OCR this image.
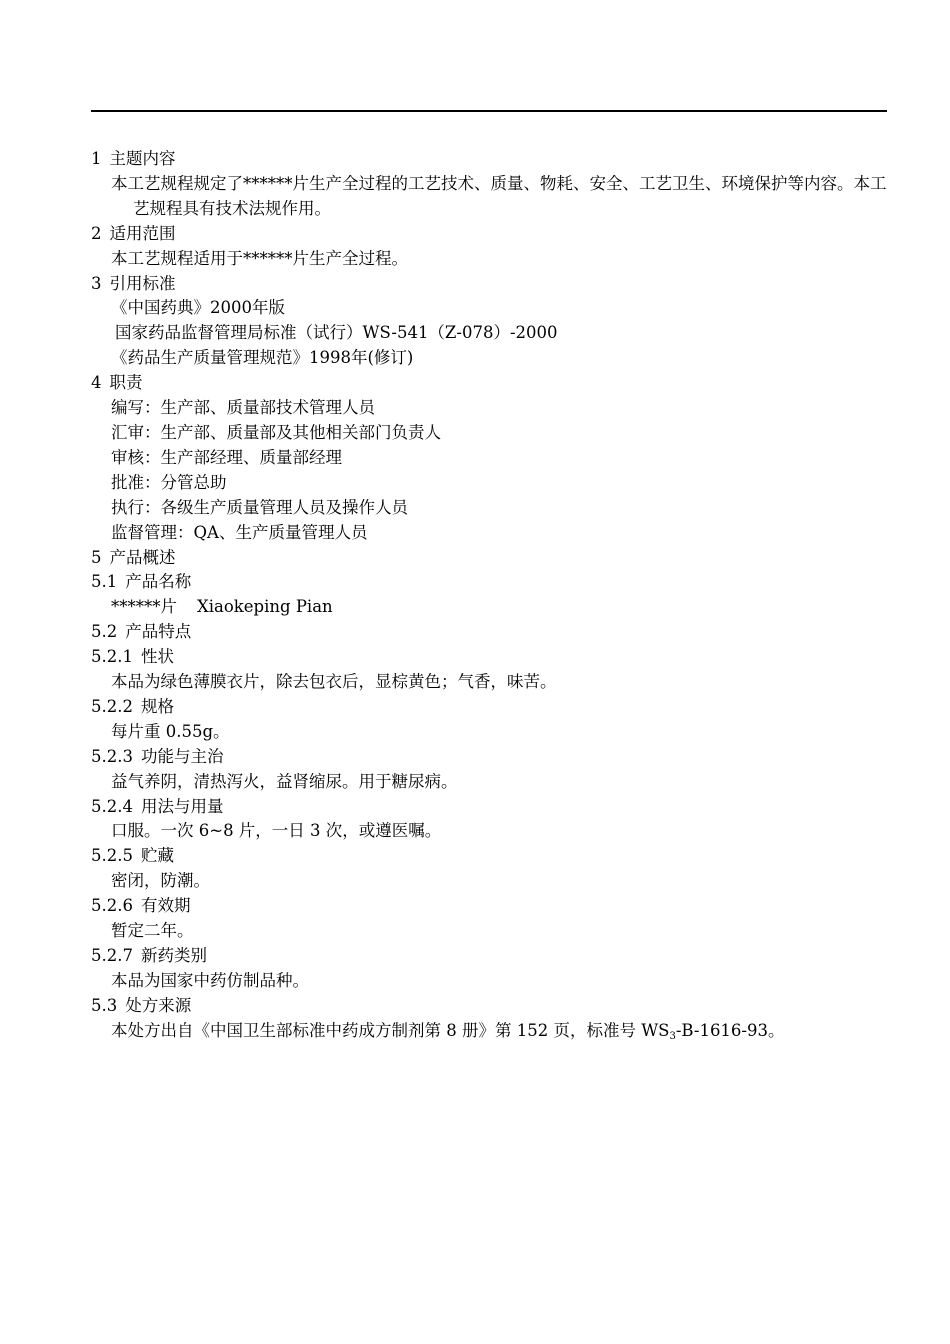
1 主题内容
本工艺规程规定了******片生产全过程的工艺技术、质量、物耗、安全、工艺卫生、环境保护等内容。本工艺规程具有技术法规作用。
2 适用范围
本工艺规程适用于******片生产全过程。
3 引用标准
《中国药典》2000年版
国家药品监督管理局标准（试行）WS-541（Z-078）-2000
《药品生产质量管理规范》1998年(修订)
4 职责
编写：生产部、质量部技术管理人员
汇审：生产部、质量部及其他相关部门负责人
审核：生产部经理、质量部经理
批准：分管总助
执行：各级生产质量管理人员及操作人员
监督管理：QA、生产质量管理人员
5 产品概述
5.1 产品名称
******片 Xiaokeping Pian
5.2 产品特点
5.2.1 性状
本品为绿色薄膜衣片，除去包衣后，显棕黄色；气香，味苦。
5.2.2 规格
每片重 0.55g。
5.2.3 功能与主治
益气养阴，清热泻火，益肾缩尿。用于糖尿病。
5.2.4 用法与用量
口服。一次 6~8 片，一日 3 次，或遵医嘱。
5.2.5 贮藏
密闭，防潮。
5.2.6 有效期
暂定二年。
5.2.7 新药类别
本品为国家中药仿制品种。
5.3 处方来源
本处方出自《中国卫生部标准中药成方制剂第 8 册》第 152 页，标准号 $WS_3-B-1616-93$。
